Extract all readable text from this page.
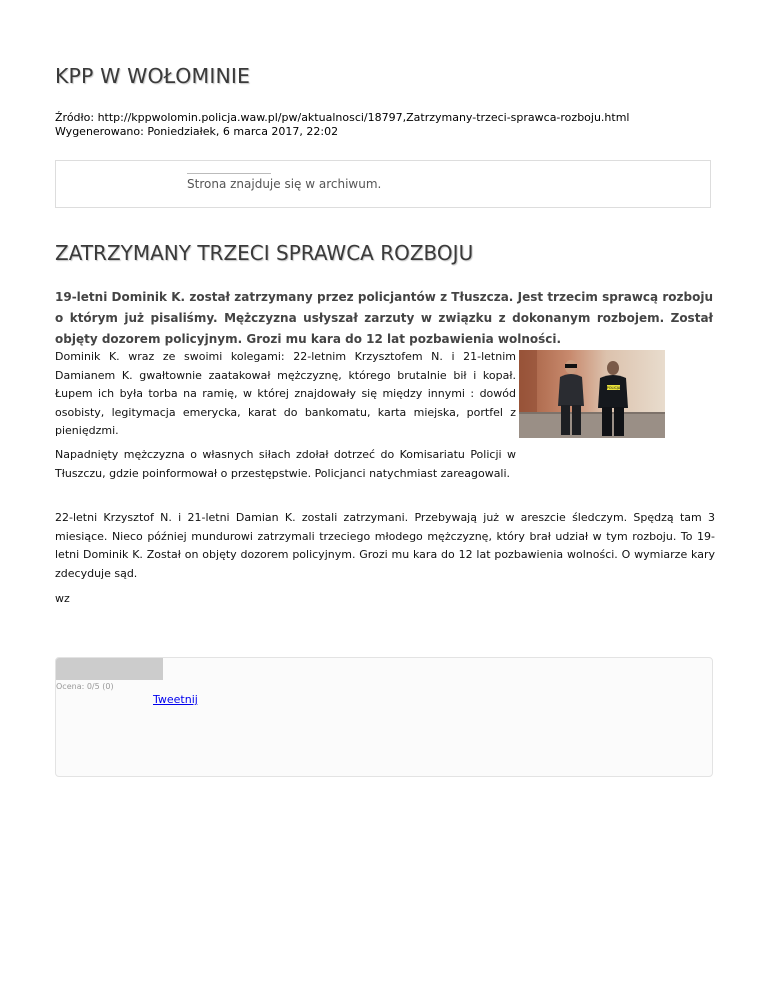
KPP W WOŁOMINIE
Źródło: http://kppwolomin.policja.waw.pl/pw/aktualnosci/18797,Zatrzymany-trzeci-sprawca-rozboju.html
Wygenerowano: Poniedziałek, 6 marca 2017, 22:02
Strona znajduje się w archiwum.
ZATRZYMANY TRZECI SPRAWCA ROZBOJU

19-letni Dominik K. został zatrzymany przez policjantów z Tłuszcza. Jest trzecim sprawcą rozboju o którym już pisaliśmy. Mężczyzna usłyszał zarzuty w związku z dokonanym rozbojem. Został objęty dozorem policyjnym. Grozi mu kara do 12 lat pozbawienia wolności.

Dominik K. wraz ze swoimi kolegami: 22-letnim Krzysztofem N. i 21-letnim Damianem K. gwałtownie zaatakował mężczyznę, którego brutalnie bił i kopał. Łupem ich była torba na ramię, w której znajdowały się między innymi : dowód osobisty, legitymacja emerycka, karat do bankomatu, karta miejska, portfel z pieniędzmi.

POLICJA

Napadnięty mężczyzna o własnych siłach zdołał dotrzeć do Komisariatu Policji w Tłuszczu, gdzie poinformował o przestępstwie. Policjanci natychmiast zareagowali.

22-letni Krzysztof N. i 21-letni Damian K. zostali zatrzymani. Przebywają już w areszcie śledczym. Spędzą tam 3 miesiące. Nieco później mundurowi zatrzymali trzeciego młodego mężczyznę, który brał udział w tym rozboju. To 19-letni Dominik K. Został on objęty dozorem policyjnym. Grozi mu kara do 12 lat pozbawienia wolności. O wymiarze kary zdecyduje sąd.

wz

Ocena: 0/5 (0)
Tweetnij
